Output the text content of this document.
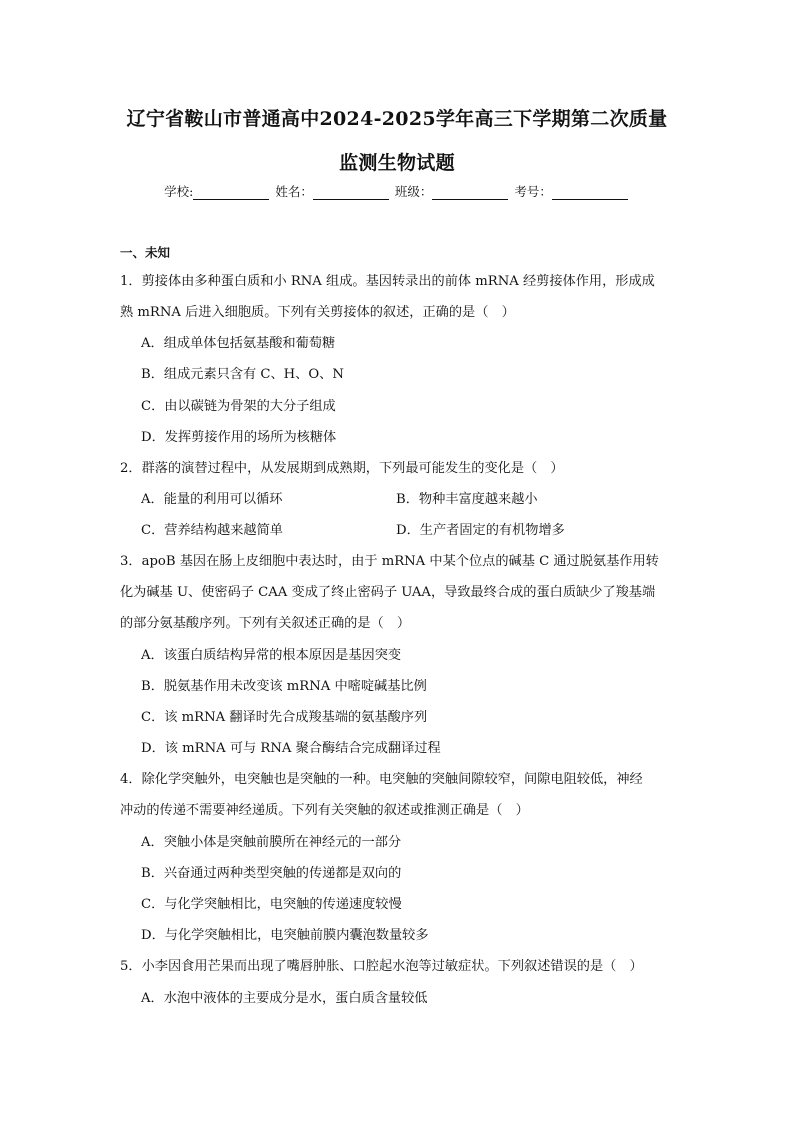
辽宁省鞍山市普通高中2024-2025学年高三下学期第二次质量
监测生物试题
学校:	姓名：	班级：	考号：
一、未知
1．剪接体由多种蛋白质和小 RNA 组成。基因转录出的前体 mRNA 经剪接体作用，形成成
熟 mRNA 后进入细胞质。下列有关剪接体的叙述，正确的是（　）
A．组成单体包括氨基酸和葡萄糖
B．组成元素只含有 C、H、O、N
C．由以碳链为骨架的大分子组成
D．发挥剪接作用的场所为核糖体
2．群落的演替过程中，从发展期到成熟期，下列最可能发生的变化是（　）
A．能量的利用可以循环	B．物种丰富度越来越小
C．营养结构越来越简单	D．生产者固定的有机物增多
3．apoB 基因在肠上皮细胞中表达时，由于 mRNA 中某个位点的碱基 C 通过脱氨基作用转
化为碱基 U、使密码子 CAA 变成了终止密码子 UAA，导致最终合成的蛋白质缺少了羧基端
的部分氨基酸序列。下列有关叙述正确的是（　）
A．该蛋白质结构异常的根本原因是基因突变
B．脱氨基作用未改变该 mRNA 中嘧啶碱基比例
C．该 mRNA 翻译时先合成羧基端的氨基酸序列
D．该 mRNA 可与 RNA 聚合酶结合完成翻译过程
4．除化学突触外，电突触也是突触的一种。电突触的突触间隙较窄，间隙电阻较低，神经
冲动的传递不需要神经递质。下列有关突触的叙述或推测正确是（　）
A．突触小体是突触前膜所在神经元的一部分
B．兴奋通过两种类型突触的传递都是双向的
C．与化学突触相比，电突触的传递速度较慢
D．与化学突触相比，电突触前膜内囊泡数量较多
5．小李因食用芒果而出现了嘴唇肿胀、口腔起水泡等过敏症状。下列叙述错误的是（　）
A．水泡中液体的主要成分是水，蛋白质含量较低
